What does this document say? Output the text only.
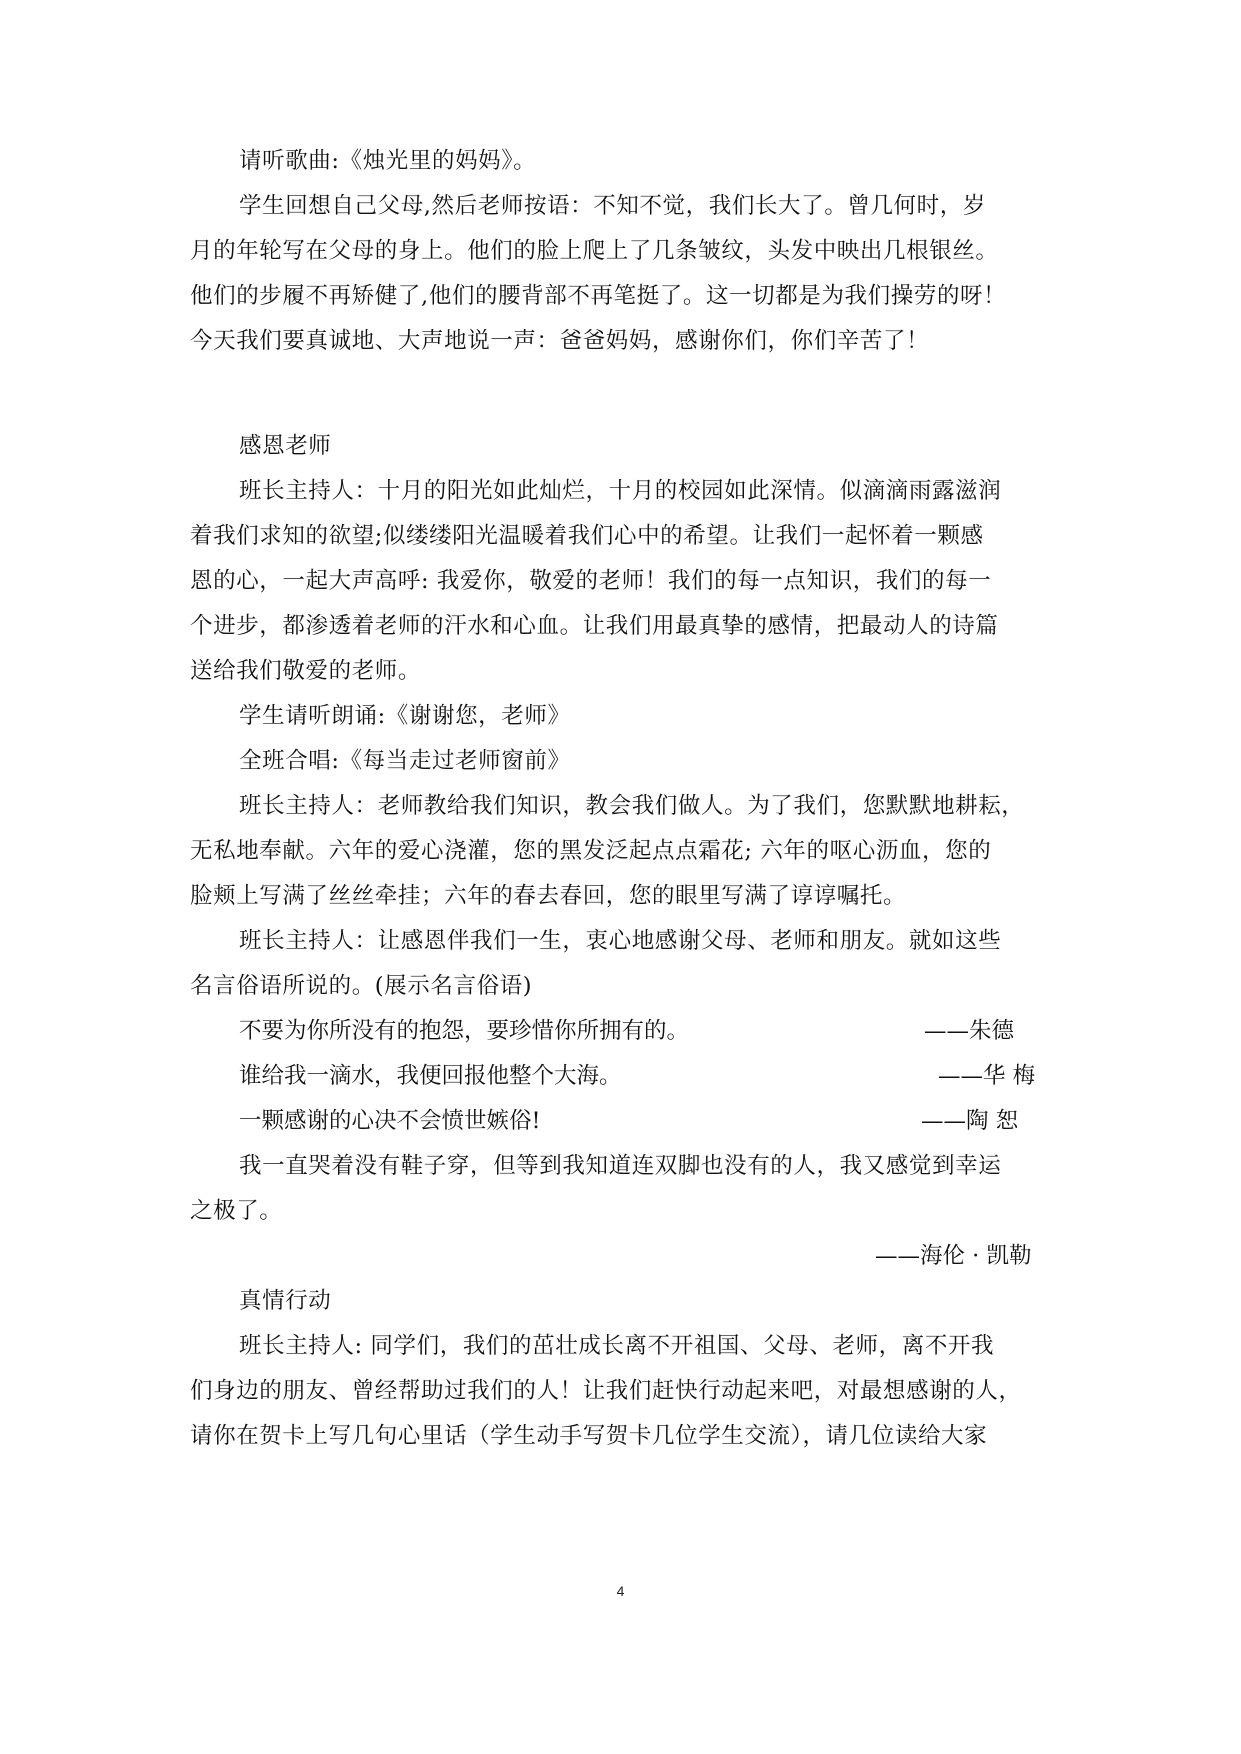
请听歌曲:《烛光里的妈妈》。
学生回想自己父母,然后老师按语：不知不觉，我们长大了。曾几何时，岁
月的年轮写在父母的身上。他们的脸上爬上了几条皱纹，头发中映出几根银丝。
他们的步履不再矫健了,他们的腰背部不再笔挺了。这一切都是为我们操劳的呀！
今天我们要真诚地、大声地说一声：爸爸妈妈，感谢你们，你们辛苦了！
感恩老师
班长主持人：十月的阳光如此灿烂，十月的校园如此深情。似滴滴雨露滋润
着我们求知的欲望;似缕缕阳光温暖着我们心中的希望。让我们一起怀着一颗感
恩的心，一起大声高呼: 我爱你，敬爱的老师！我们的每一点知识，我们的每一
个进步，都渗透着老师的汗水和心血。让我们用最真挚的感情，把最动人的诗篇
送给我们敬爱的老师。
学生请听朗诵:《谢谢您，老师》
全班合唱:《每当走过老师窗前》
班长主持人：老师教给我们知识，教会我们做人。为了我们，您默默地耕耘，
无私地奉献。六年的爱心浇灌，您的黑发泛起点点霜花; 六年的呕心沥血，您的
脸颊上写满了丝丝牵挂；六年的春去春回，您的眼里写满了谆谆嘱托。
班长主持人：让感恩伴我们一生，衷心地感谢父母、老师和朋友。就如这些
名言俗语所说的。(展示名言俗语)
不要为你所没有的抱怨，要珍惜你所拥有的。	——朱德
谁给我一滴水，我便回报他整个大海。	——华 梅
一颗感谢的心决不会愤世嫉俗!	——陶 恕
我一直哭着没有鞋子穿，但等到我知道连双脚也没有的人，我又感觉到幸运
之极了。
——海伦 · 凯勒
真情行动
班长主持人: 同学们，我们的茁壮成长离不开祖国、父母、老师，离不开我
们身边的朋友、曾经帮助过我们的人！让我们赶快行动起来吧，对最想感谢的人，
请你在贺卡上写几句心里话（学生动手写贺卡几位学生交流），请几位读给大家
4
